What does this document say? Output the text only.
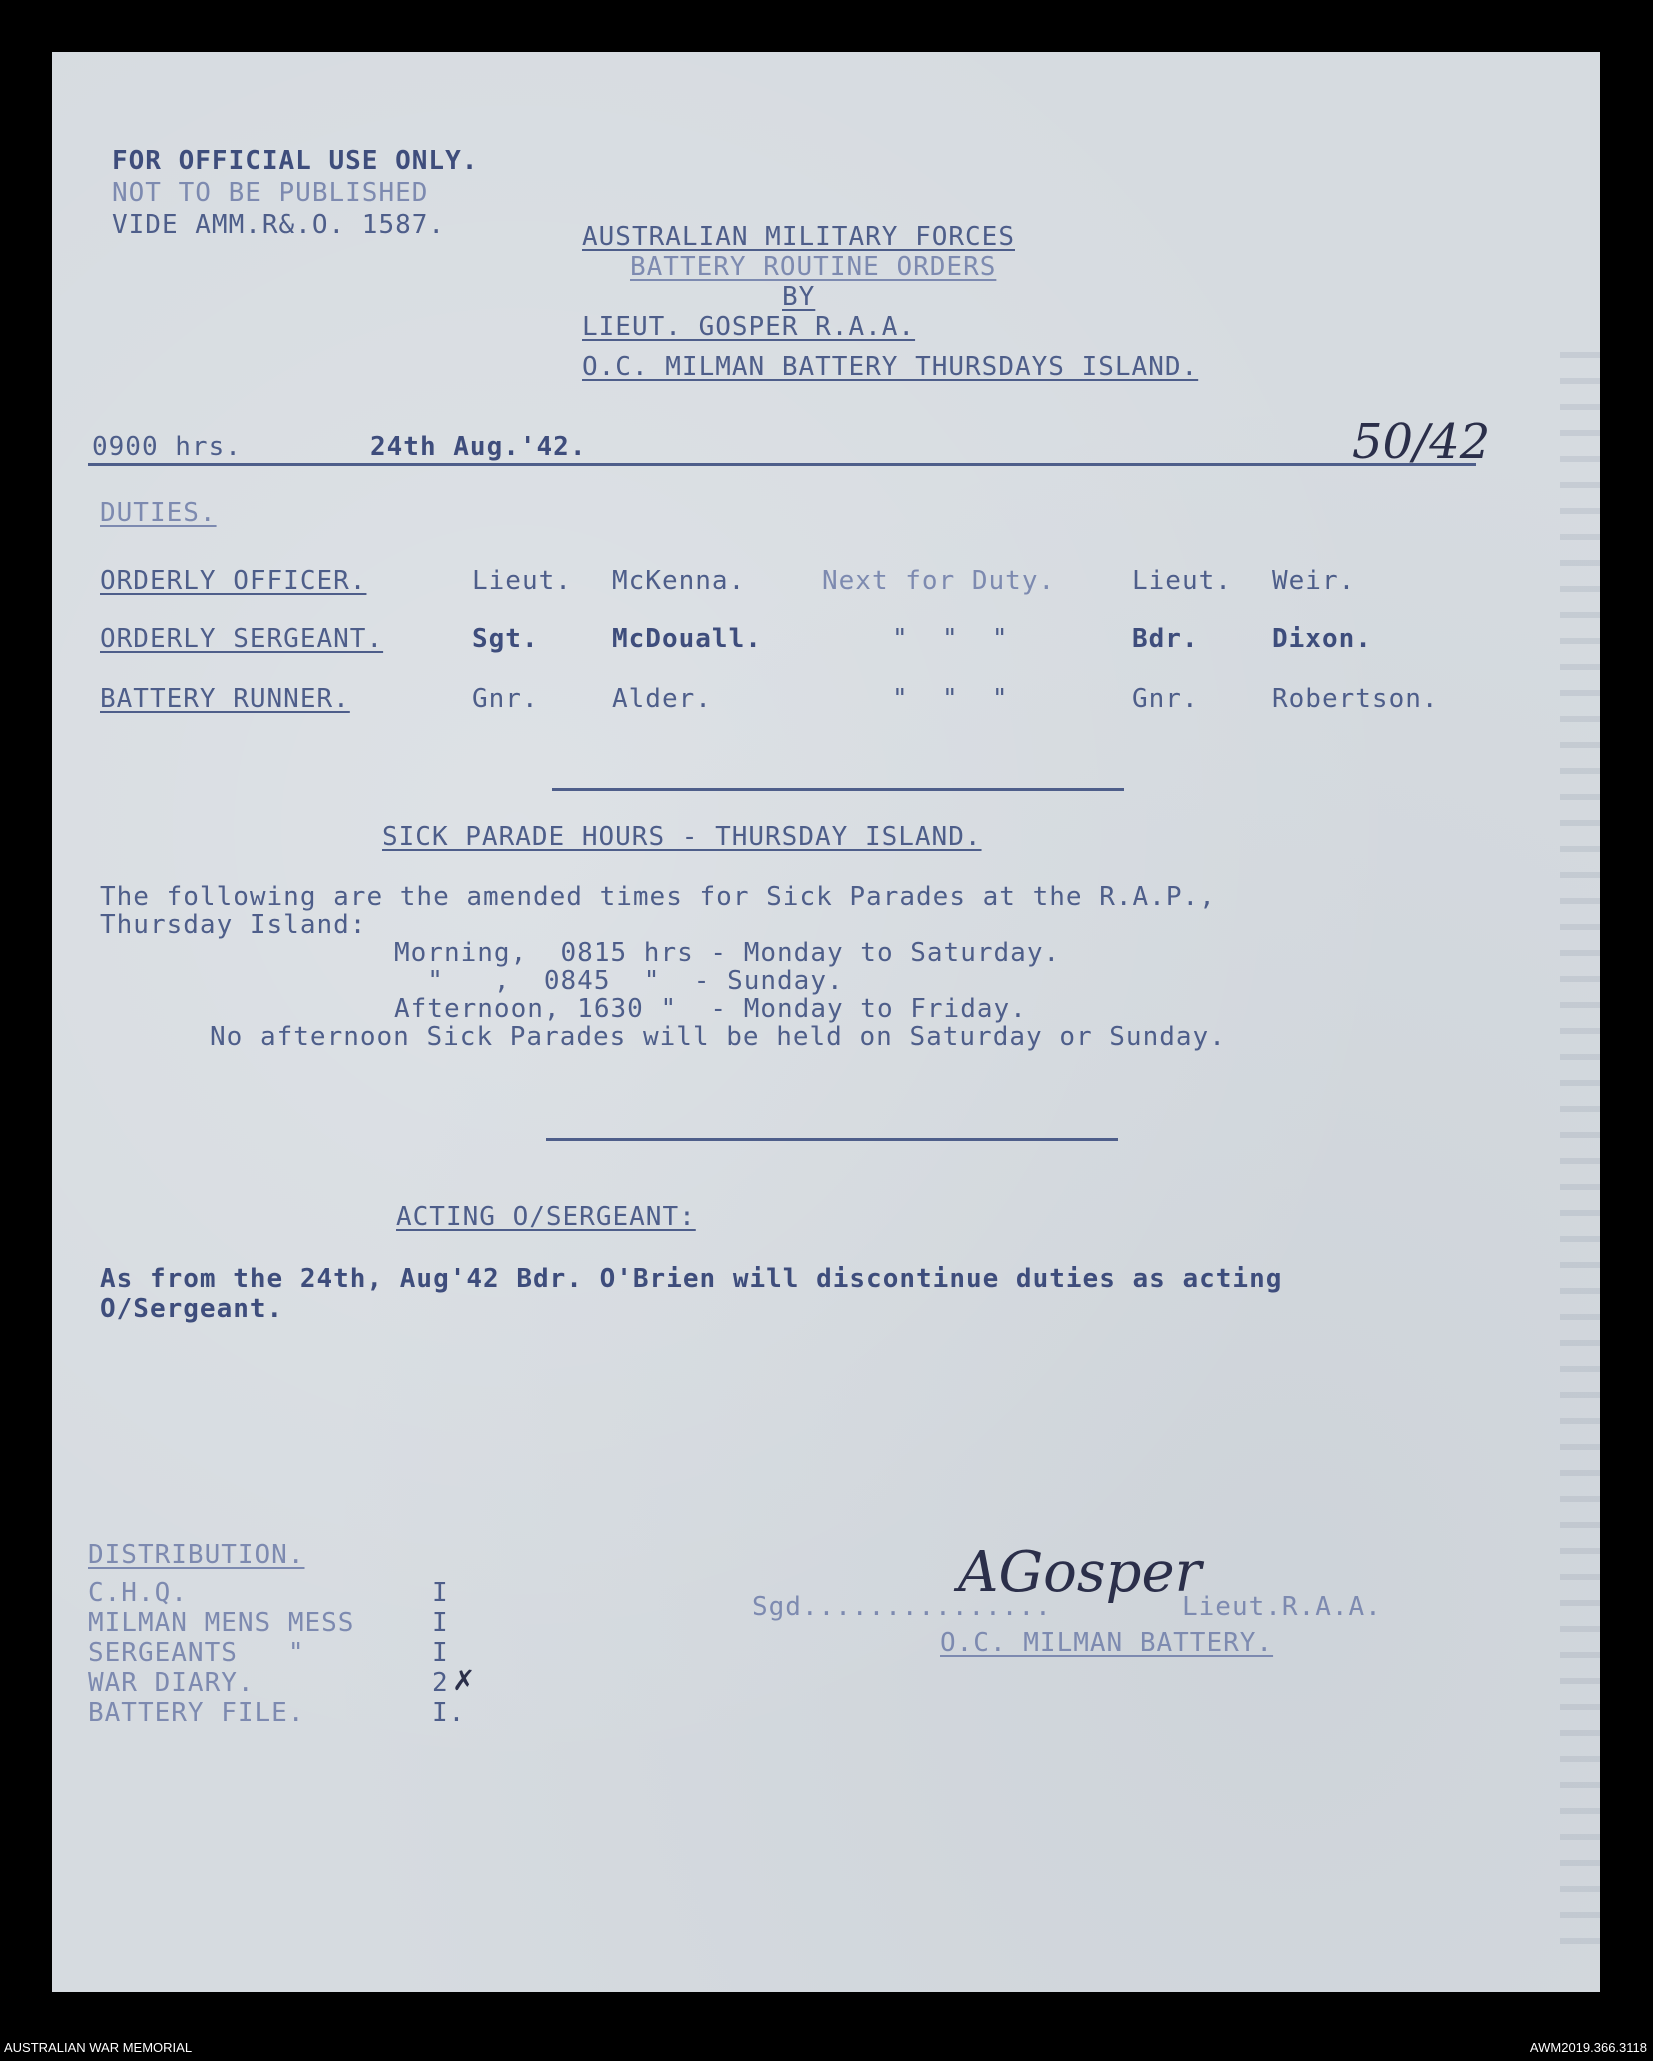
FOR OFFICIAL USE ONLY.
NOT TO BE PUBLISHED
VIDE AMM.R&.O. 1587.	AUSTRALIAN MILITARY FORCES
BATTERY ROUTINE ORDERS
BY
LIEUT. GOSPER R.A.A.
O.C. MILMAN BATTERY THURSDAYS ISLAND.
0900 hrs.	24th Aug.'42.	50/42
DUTIES.
ORDERLY OFFICER.	Lieut. McKenna.	Next for Duty.	Lieut. Weir.
ORDERLY SERGEANT.	Sgt.	McDouall.	"  "  "	Bdr.	Dixon.
BATTERY RUNNER.	Gnr.	Alder.	"  "  "	Gnr.	Robertson.
SICK PARADE HOURS - THURSDAY ISLAND.
The following are the amended times for Sick Parades at the R.A.P.,
Thursday Island:
Morning,  0815 hrs - Monday to Saturday.
"   ,  0845  "  - Sunday.
Afternoon, 1630 "  - Monday to Friday.
No afternoon Sick Parades will be held on Saturday or Sunday.
ACTING O/SERGEANT:
As from the 24th, Aug'42 Bdr. O'Brien will discontinue duties as acting
O/Sergeant.
DISTRIBUTION.
C.H.Q.	I
MILMAN MENS MESS	I
SERGEANTS   "	I
WAR DIARY.	2 ✗
BATTERY FILE.	I.
Sgd...............	Lieut.R.A.A.
AGosper
O.C. MILMAN BATTERY.
AUSTRALIAN WAR MEMORIAL	AWM2019.366.3118
